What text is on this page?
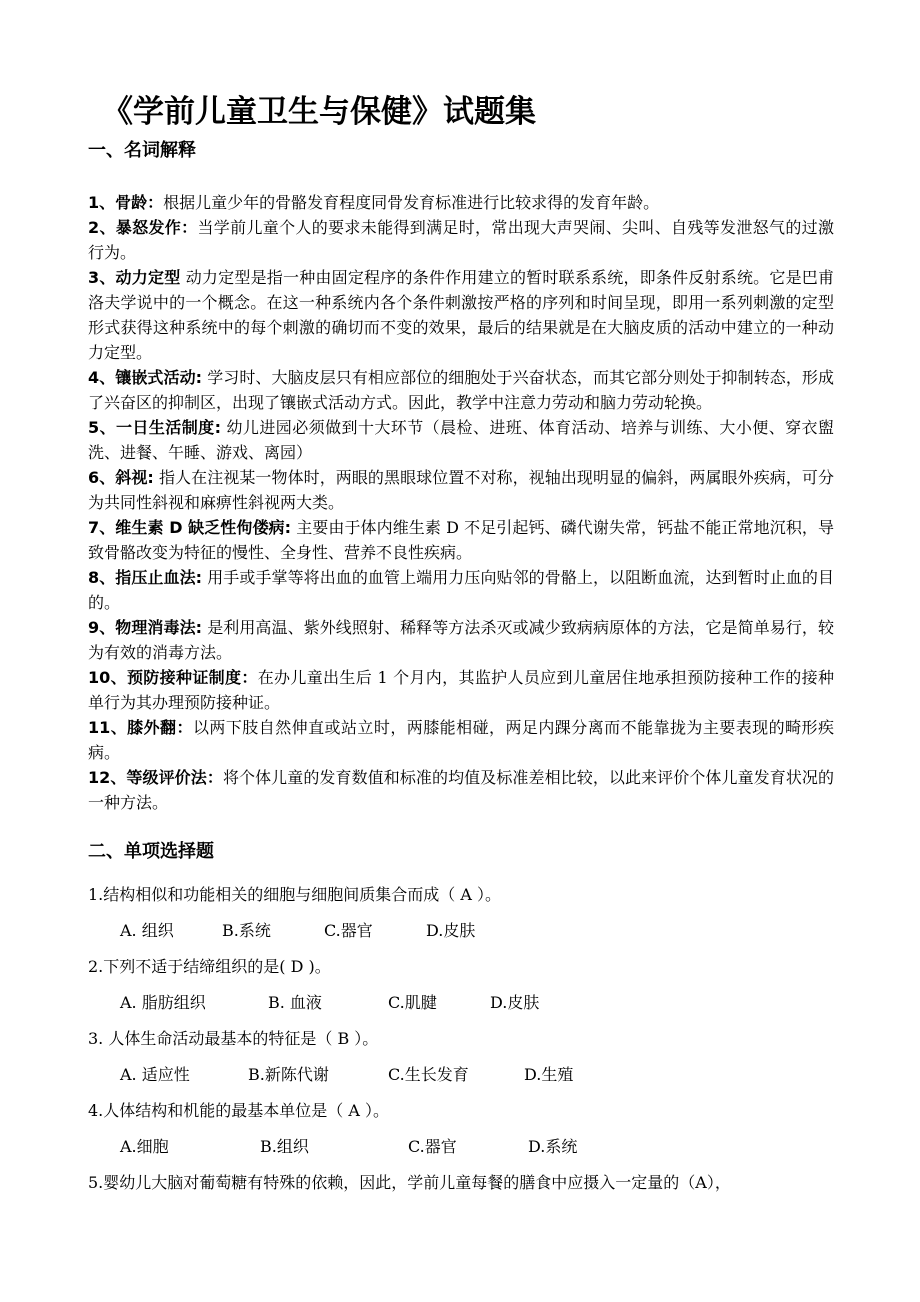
《学前儿童卫生与保健》试题集
一、名词解释

1、骨龄：根据儿童少年的骨骼发育程度同骨发育标准进行比较求得的发育年龄。

2、暴怒发作：当学前儿童个人的要求未能得到满足时，常出现大声哭闹、尖叫、自残等发泄怒气的过激行为。

3、动力定型 动力定型是指一种由固定程序的条件作用建立的暂时联系系统，即条件反射系统。它是巴甫洛夫学说中的一个概念。在这一种系统内各个条件刺激按严格的序列和时间呈现，即用一系列刺激的定型形式获得这种系统中的每个刺激的确切而不变的效果，最后的结果就是在大脑皮质的活动中建立的一种动力定型。

4、镶嵌式活动: 学习时、大脑皮层只有相应部位的细胞处于兴奋状态，而其它部分则处于抑制转态，形成了兴奋区的抑制区，出现了镶嵌式活动方式。因此，教学中注意力劳动和脑力劳动轮换。

5、一日生活制度: 幼儿进园必须做到十大环节（晨检、进班、体育活动、培养与训练、大小便、穿衣盥洗、进餐、午睡、游戏、离园）

6、斜视: 指人在注视某一物体时，两眼的黑眼球位置不对称，视轴出现明显的偏斜，两属眼外疾病，可分为共同性斜视和麻痹性斜视两大类。

7、维生素 D 缺乏性佝偻病: 主要由于体内维生素 D 不足引起钙、磷代谢失常，钙盐不能正常地沉积，导致骨骼改变为特征的慢性、全身性、营养不良性疾病。

8、指压止血法: 用手或手掌等将出血的血管上端用力压向贴邻的骨骼上，以阻断血流，达到暂时止血的目的。

9、物理消毒法: 是利用高温、紫外线照射、稀释等方法杀灭或减少致病病原体的方法，它是简单易行，较为有效的消毒方法。

10、预防接种证制度：在办儿童出生后 1 个月内，其监护人员应到儿童居住地承担预防接种工作的接种单行为其办理预防接种证。

11、膝外翻：以两下肢自然伸直或站立时，两膝能相碰，两足内踝分离而不能靠拢为主要表现的畸形疾病。

12、等级评价法：将个体儿童的发育数值和标准的均值及标准差相比较，以此来评价个体儿童发育状况的一种方法。

二、单项选择题

1.结构相似和功能相关的细胞与细胞间质集合而成（ A ）。

A. 组织	B.系统	C.器官	D.皮肤

2.下列不适于结缔组织的是( D )。

A. 脂肪组织	B. 血液	C.肌腱	D.皮肤

3. 人体生命活动最基本的特征是（ B ）。

A. 适应性	B.新陈代谢	C.生长发育	D.生殖

4.人体结构和机能的最基本单位是（ A ）。

A.细胞	B.组织	C.器官	D.系统

5.婴幼儿大脑对葡萄糖有特殊的依赖，因此，学前儿童每餐的膳食中应摄入一定量的（A），
